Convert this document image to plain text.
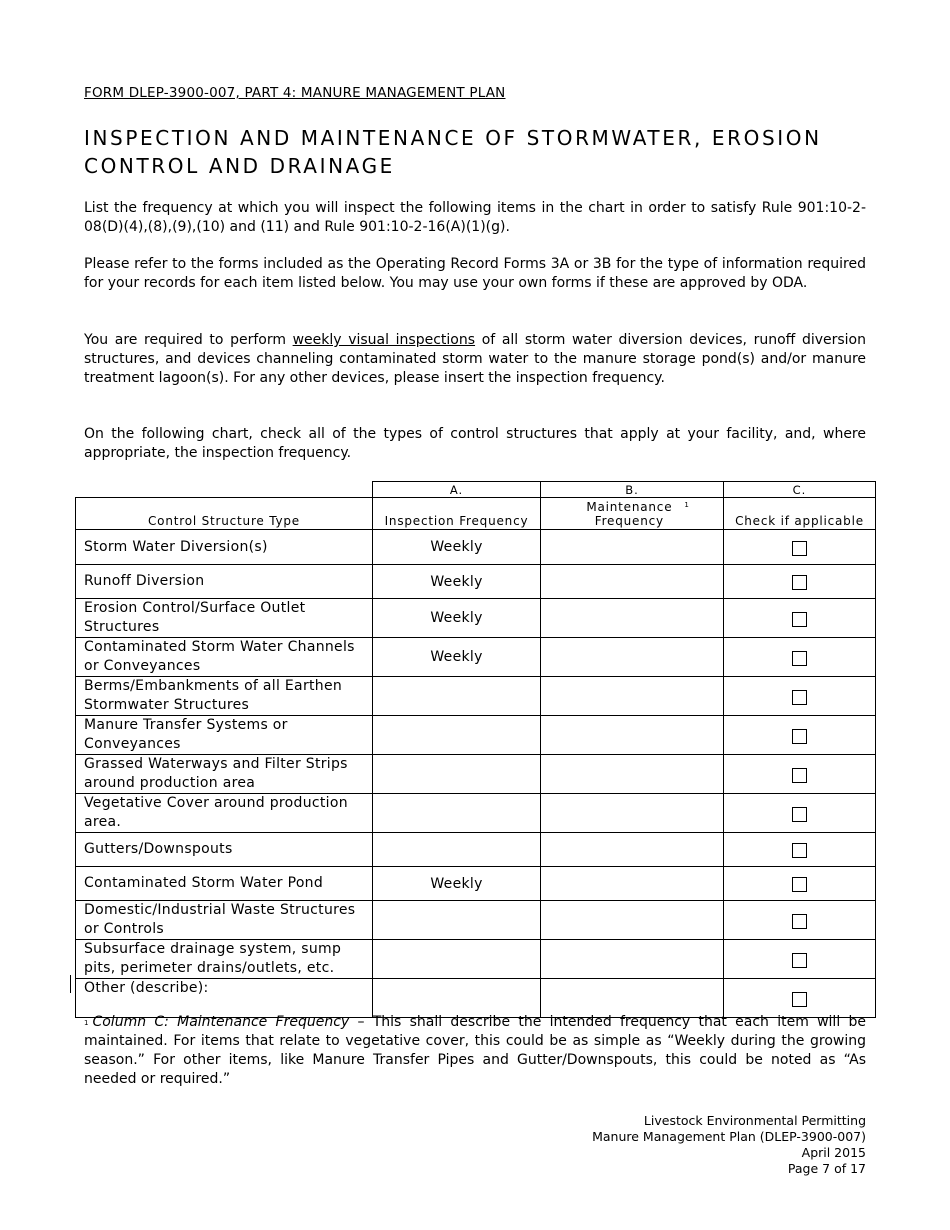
FORM DLEP-3900-007, PART 4: MANURE MANAGEMENT PLAN
INSPECTION AND MAINTENANCE OF STORMWATER, EROSION CONTROL AND DRAINAGE
List the frequency at which you will inspect the following items in the chart in order to satisfy Rule 901:10-2-08(D)(4),(8),(9),(10) and (11) and Rule 901:10-2-16(A)(1)(g).
Please refer to the forms included as the Operating Record Forms 3A or 3B for the type of information required for your records for each item listed below. You may use your own forms if these are approved by ODA.
You are required to perform weekly visual inspections of all storm water diversion devices, runoff diversion structures, and devices channeling contaminated storm water to the manure storage pond(s) and/or manure treatment lagoon(s). For any other devices, please insert the inspection frequency.
On the following chart, check all of the types of control structures that apply at your facility, and, where appropriate, the inspection frequency.
	A.	B.	C.
Control Structure Type	Inspection Frequency	Maintenance Frequency$^1$	Check if applicable
Storm Water Diversion(s)	Weekly		
Runoff Diversion	Weekly		
Erosion Control/Surface Outlet Structures	Weekly		
Contaminated Storm Water Channels or Conveyances	Weekly		
Berms/Embankments of all Earthen Stormwater Structures			
Manure Transfer Systems or Conveyances			
Grassed Waterways and Filter Strips around production area			
Vegetative Cover around production area.			
Gutters/Downspouts			
Contaminated Storm Water Pond	Weekly		
Domestic/Industrial Waste Structures or Controls			
Subsurface drainage system, sump pits, perimeter drains/outlets, etc.			
Other (describe):			
$^1$ Column C: Maintenance Frequency – This shall describe the intended frequency that each item will be maintained. For items that relate to vegetative cover, this could be as simple as “Weekly during the growing season.” For other items, like Manure Transfer Pipes and Gutter/Downspouts, this could be noted as “As needed or required.”
Livestock Environmental Permitting
Manure Management Plan (DLEP-3900-007)
April 2015
Page 7 of 17
